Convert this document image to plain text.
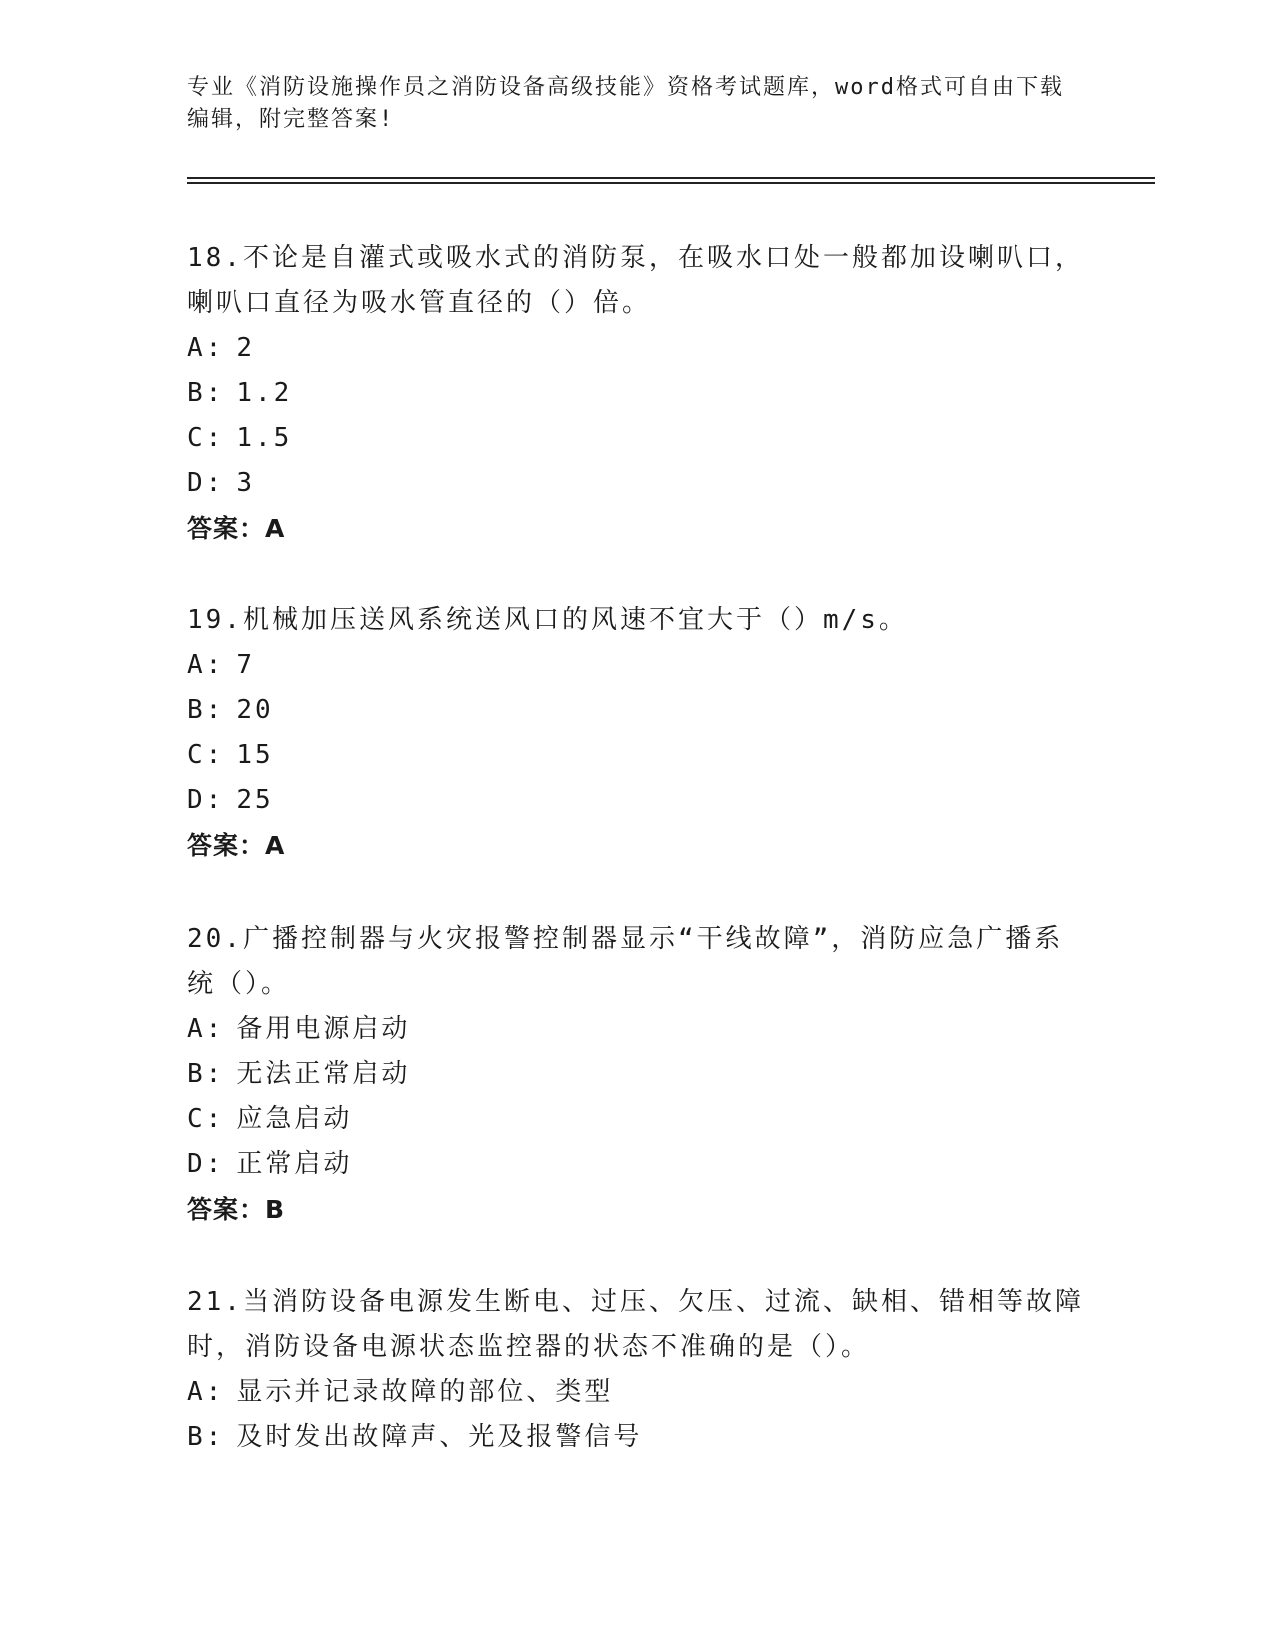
专业《消防设施操作员之消防设备高级技能》资格考试题库，word格式可自由下载编辑，附完整答案!
18.不论是自灌式或吸水式的消防泵，在吸水口处一般都加设喇叭口，喇叭口直径为吸水管直径的（）倍。
A: 2
B: 1.2
C: 1.5
D: 3
答案：A
19.机械加压送风系统送风口的风速不宜大于（）m/s。
A: 7
B: 20
C: 15
D: 25
答案：A
20.广播控制器与火灾报警控制器显示“干线故障”，消防应急广播系统（）。
A: 备用电源启动
B: 无法正常启动
C: 应急启动
D: 正常启动
答案：B
21.当消防设备电源发生断电、过压、欠压、过流、缺相、错相等故障时，消防设备电源状态监控器的状态不准确的是（）。
A: 显示并记录故障的部位、类型
B: 及时发出故障声、光及报警信号
